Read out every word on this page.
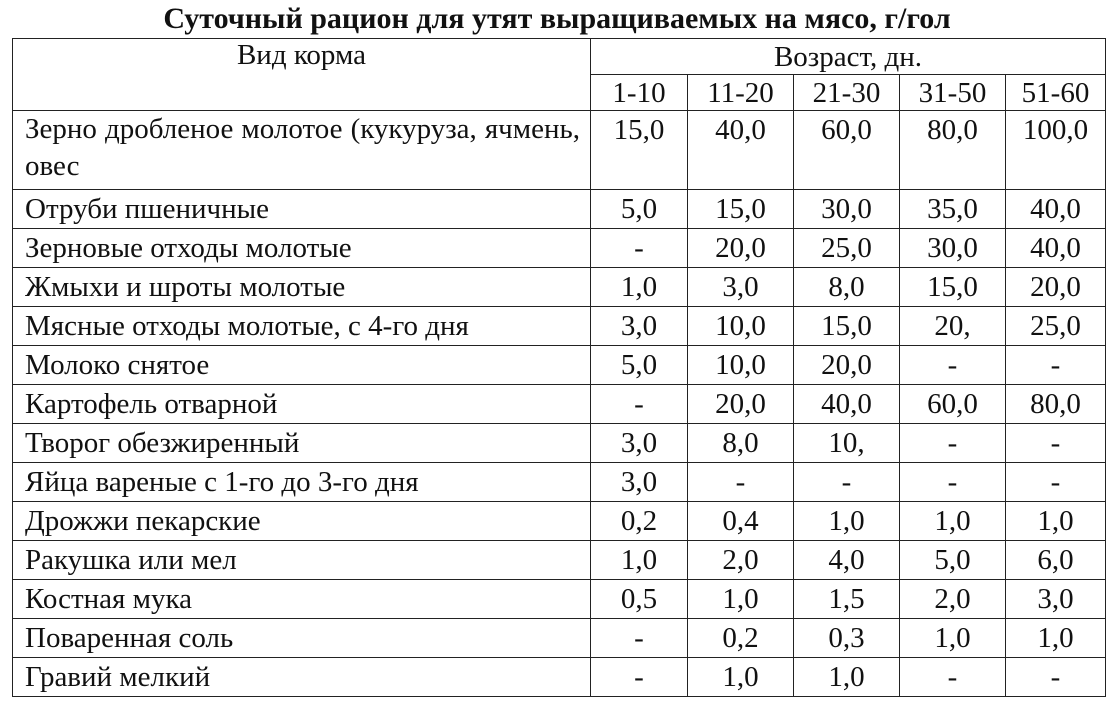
Суточный рацион для утят выращиваемых на мясо, г/гол
Вид корма	Возраст, дн.				
	1-10	11-20	21-30	31-50	51-60
Зерно дробленое молотое (кукуруза, ячмень, овес	15,0	40,0	60,0	80,0	100,0
Отруби пшеничные	5,0	15,0	30,0	35,0	40,0
Зерновые отходы молотые	-	20,0	25,0	30,0	40,0
Жмыхи и шроты молотые	1,0	3,0	8,0	15,0	20,0
Мясные отходы молотые, с 4-го дня	3,0	10,0	15,0	20,	25,0
Молоко снятое	5,0	10,0	20,0	-	-
Картофель отварной	-	20,0	40,0	60,0	80,0
Творог обезжиренный	3,0	8,0	10,	-	-
Яйца вареные с 1-го до 3-го дня	3,0	-	-	-	-
Дрожжи пекарские	0,2	0,4	1,0	1,0	1,0
Ракушка или мел	1,0	2,0	4,0	5,0	6,0
Костная мука	0,5	1,0	1,5	2,0	3,0
Поваренная соль	-	0,2	0,3	1,0	1,0
Гравий мелкий	-	1,0	1,0	-	-
